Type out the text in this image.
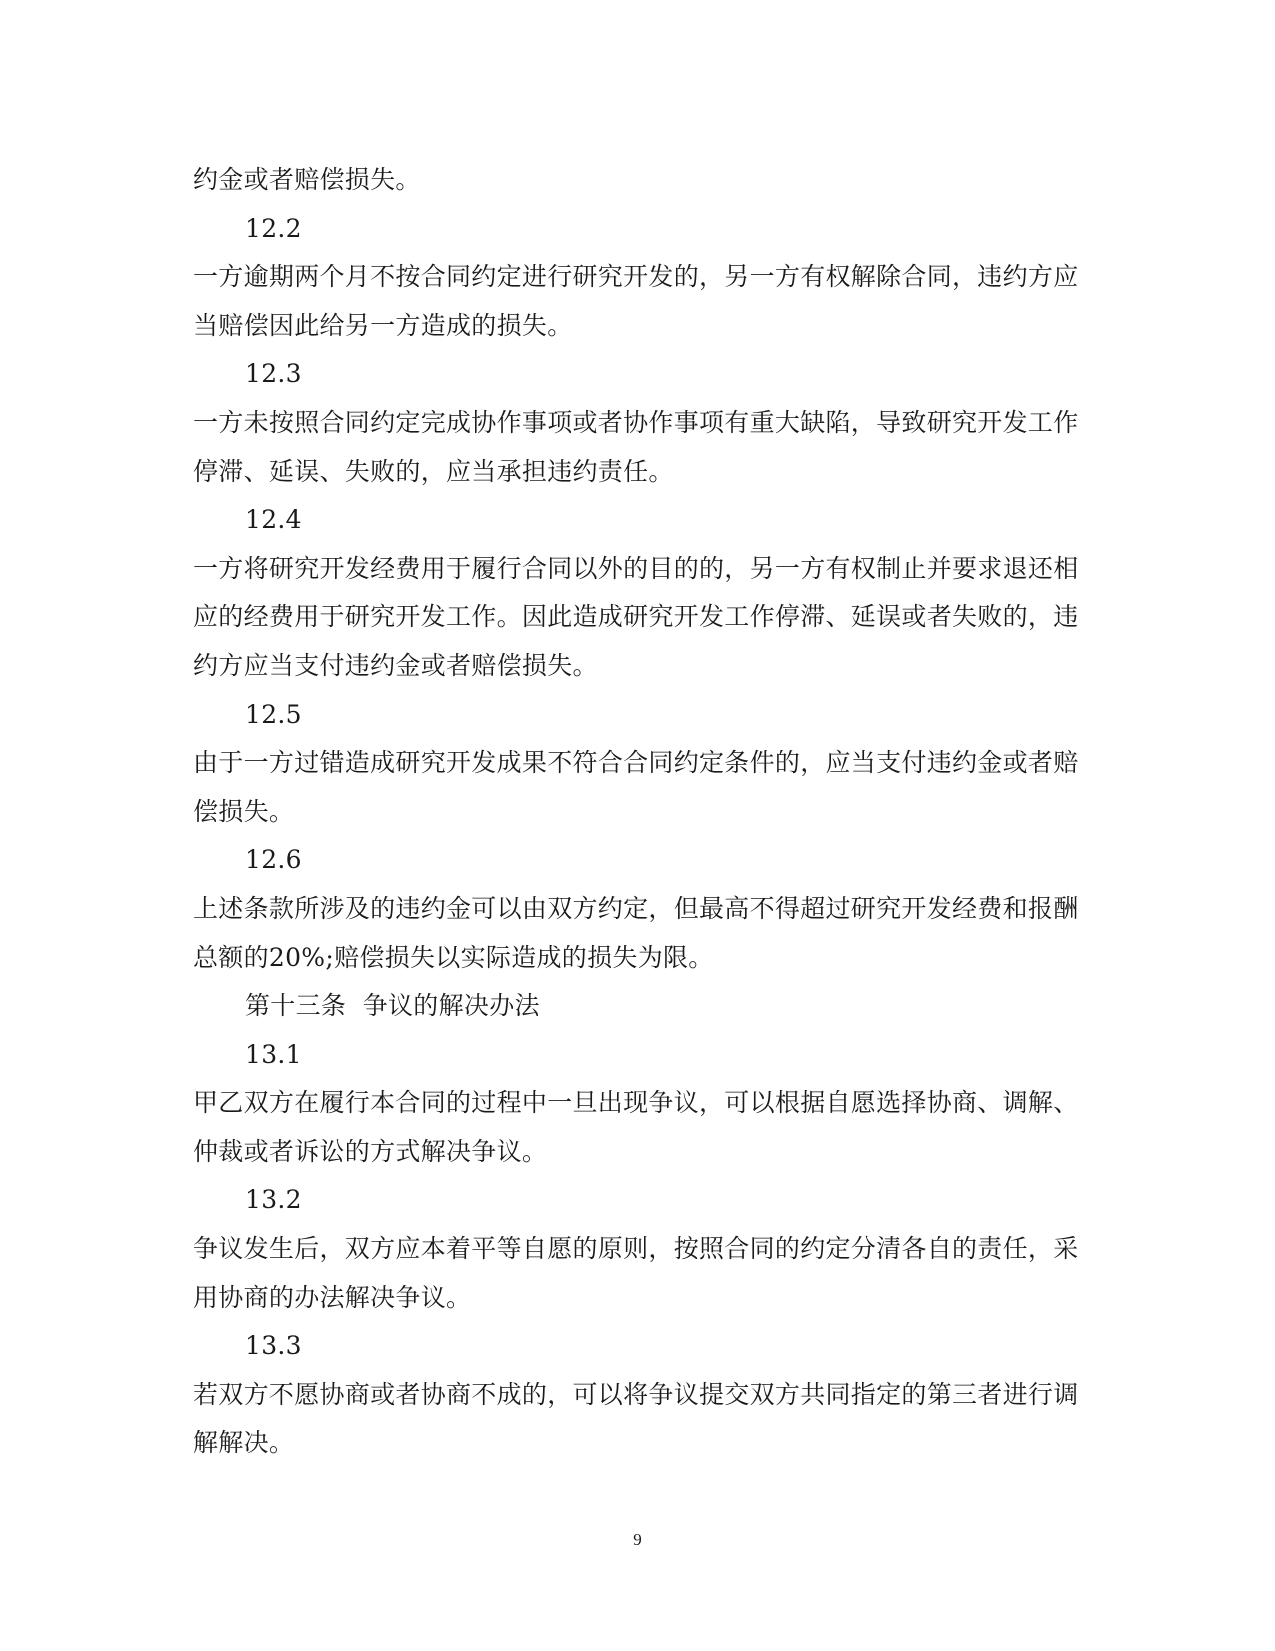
约金或者赔偿损失。
12.2
一方逾期两个月不按合同约定进行研究开发的，另一方有权解除合同，违约方应
当赔偿因此给另一方造成的损失。
12.3
一方未按照合同约定完成协作事项或者协作事项有重大缺陷，导致研究开发工作
停滞、延误、失败的，应当承担违约责任。
12.4
一方将研究开发经费用于履行合同以外的目的的，另一方有权制止并要求退还相
应的经费用于研究开发工作。因此造成研究开发工作停滞、延误或者失败的，违
约方应当支付违约金或者赔偿损失。
12.5
由于一方过错造成研究开发成果不符合合同约定条件的，应当支付违约金或者赔
偿损失。
12.6
上述条款所涉及的违约金可以由双方约定，但最高不得超过研究开发经费和报酬
总额的20%;赔偿损失以实际造成的损失为限。
第十三条  争议的解决办法
13.1
甲乙双方在履行本合同的过程中一旦出现争议，可以根据自愿选择协商、调解、
仲裁或者诉讼的方式解决争议。
13.2
争议发生后，双方应本着平等自愿的原则，按照合同的约定分清各自的责任，采
用协商的办法解决争议。
13.3
若双方不愿协商或者协商不成的，可以将争议提交双方共同指定的第三者进行调
解解决。
9
